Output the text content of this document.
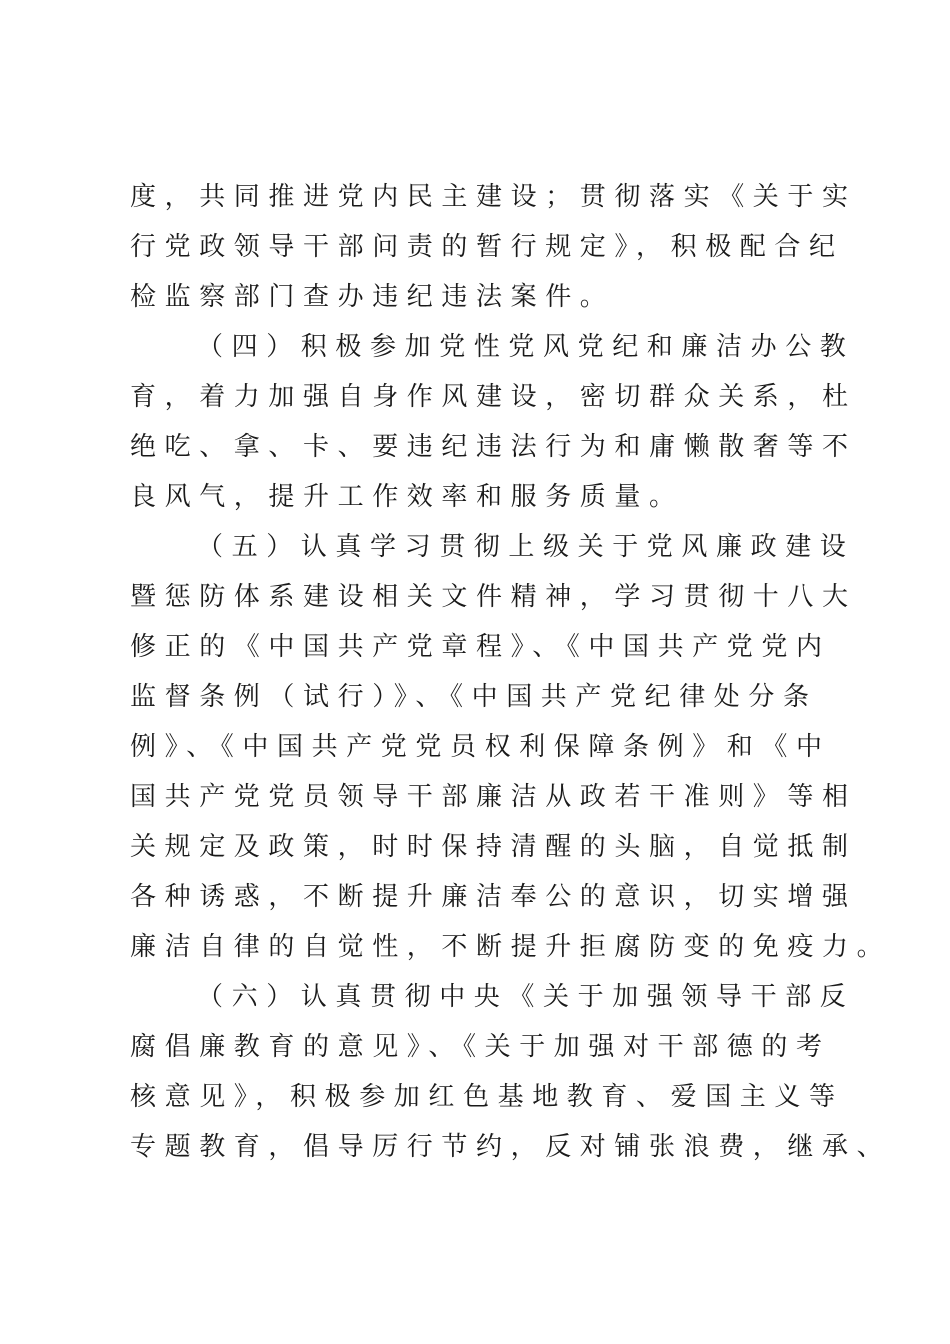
度，共同推进党内民主建设；贯彻落实《关于实
行党政领导干部问责的暂行规定》，积极配合纪
检监察部门查办违纪违法案件。
（四）积极参加党性党风党纪和廉洁办公教
育，着力加强自身作风建设，密切群众关系，杜
绝吃、拿、卡、要违纪违法行为和庸懒散奢等不
良风气，提升工作效率和服务质量。
（五）认真学习贯彻上级关于党风廉政建设
暨惩防体系建设相关文件精神，学习贯彻十八大
修正的《中国共产党章程》、《中国共产党党内
监督条例（试行）》、《中国共产党纪律处分条
例》、《中国共产党党员权利保障条例》和《中
国共产党党员领导干部廉洁从政若干准则》等相
关规定及政策，时时保持清醒的头脑，自觉抵制
各种诱惑，不断提升廉洁奉公的意识，切实增强
廉洁自律的自觉性，不断提升拒腐防变的免疫力。
（六）认真贯彻中央《关于加强领导干部反
腐倡廉教育的意见》、《关于加强对干部德的考
核意见》，积极参加红色基地教育、爱国主义等
专题教育，倡导厉行节约，反对铺张浪费，继承、
